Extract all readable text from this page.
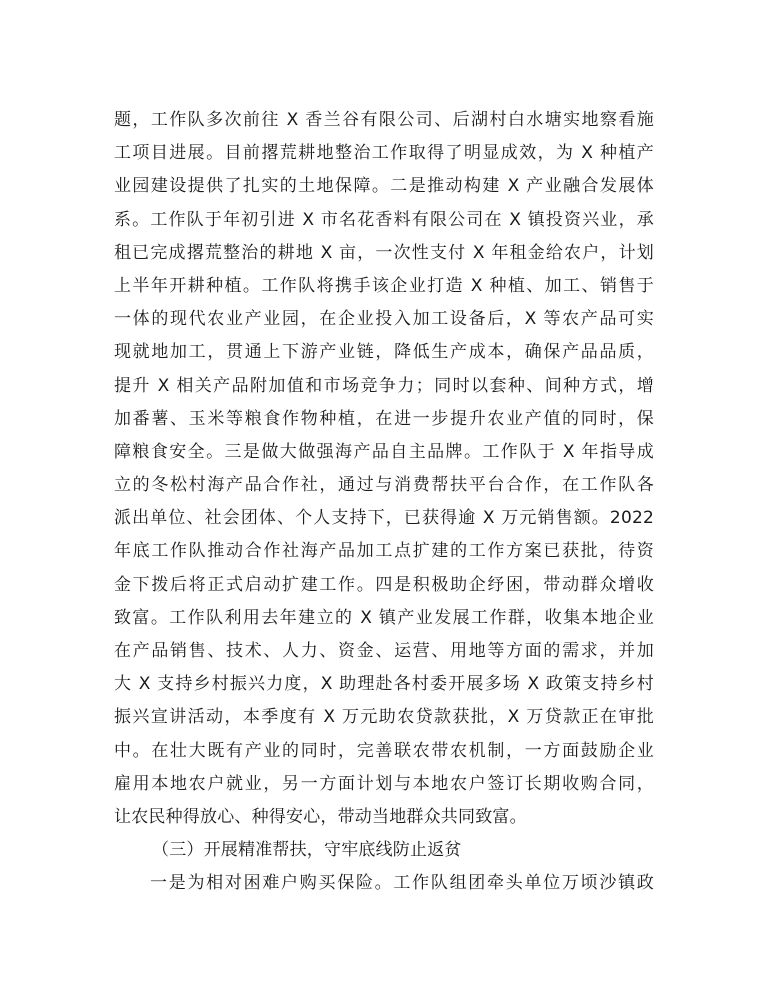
题，工作队多次前往 X 香兰谷有限公司、后湖村白水塘实地察看施
工项目进展。目前撂荒耕地整治工作取得了明显成效，为 X 种植产
业园建设提供了扎实的土地保障。二是推动构建 X 产业融合发展体
系。工作队于年初引进 X 市名花香料有限公司在 X 镇投资兴业，承
租已完成撂荒整治的耕地 X 亩，一次性支付 X 年租金给农户，计划
上半年开耕种植。工作队将携手该企业打造 X 种植、加工、销售于
一体的现代农业产业园，在企业投入加工设备后，X 等农产品可实
现就地加工，贯通上下游产业链，降低生产成本，确保产品品质，
提升 X 相关产品附加值和市场竞争力；同时以套种、间种方式，增
加番薯、玉米等粮食作物种植，在进一步提升农业产值的同时，保
障粮食安全。三是做大做强海产品自主品牌。工作队于 X 年指导成
立的冬松村海产品合作社，通过与消费帮扶平台合作，在工作队各
派出单位、社会团体、个人支持下，已获得逾 X 万元销售额。2022
年底工作队推动合作社海产品加工点扩建的工作方案已获批，待资
金下拨后将正式启动扩建工作。四是积极助企纾困，带动群众增收
致富。工作队利用去年建立的 X 镇产业发展工作群，收集本地企业
在产品销售、技术、人力、资金、运营、用地等方面的需求，并加
大 X 支持乡村振兴力度，X 助理赴各村委开展多场 X 政策支持乡村
振兴宣讲活动，本季度有 X 万元助农贷款获批，X 万贷款正在审批
中。在壮大既有产业的同时，完善联农带农机制，一方面鼓励企业
雇用本地农户就业，另一方面计划与本地农户签订长期收购合同，
让农民种得放心、种得安心，带动当地群众共同致富。
（三）开展精准帮扶，守牢底线防止返贫
一是为相对困难户购买保险。工作队组团牵头单位万顷沙镇政
